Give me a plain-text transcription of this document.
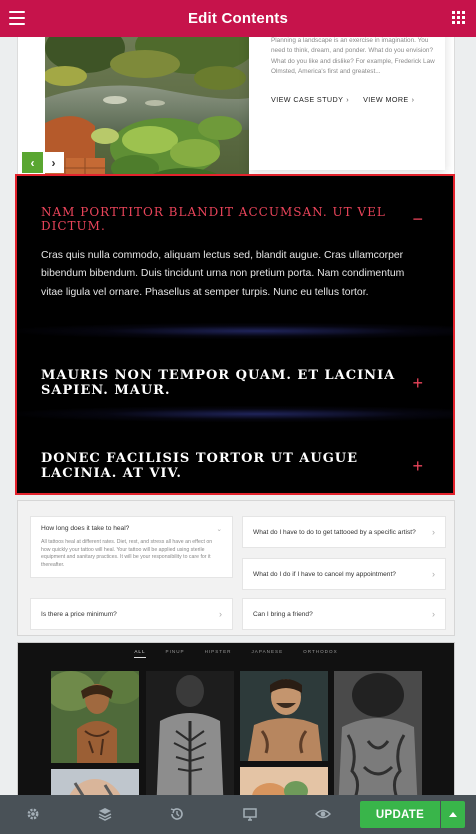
Edit Contents
Planning a landscape is an exercise in imagination. You need to think, dream, and ponder. What do you envision? What do you like and dislike? For example, Frederick Law Olmsted, America's first and greatest...
VIEW CASE STUDY › VIEW MORE ›
‹	›
NAM PORTTITOR BLANDIT ACCUMSAN. UT VEL DICTUM.	−
Cras quis nulla commodo, aliquam lectus sed, blandit augue. Cras ullamcorper bibendum bibendum. Duis tincidunt urna non pretium porta. Nam condimentum vitae ligula vel ornare. Phasellus at semper turpis. Nunc eu tellus tortor.
MAURIS NON TEMPOR QUAM. ET LACINIA SAPIEN. MAUR.	+
DONEC FACILISIS TORTOR UT AUGUE LACINIA. AT VIV.	+
How long does it take to heal?	⌄
All tattoos heal at different rates. Diet, rest, and stress all have an effect on how quickly your tattoo will heal. Your tattoo will be applied using sterile equipment and sanitary practices. It will be your responsibility to care for it thereafter.
What do I have to do to get tattooed by a specific artist? ›
What do I do if I have to cancel my appointment?	›
Is there a price minimum?	›	Can I bring a friend?	›
ALL	PINUP	HIPSTER	JAPANESE	ORTHODOX
UPDATE
